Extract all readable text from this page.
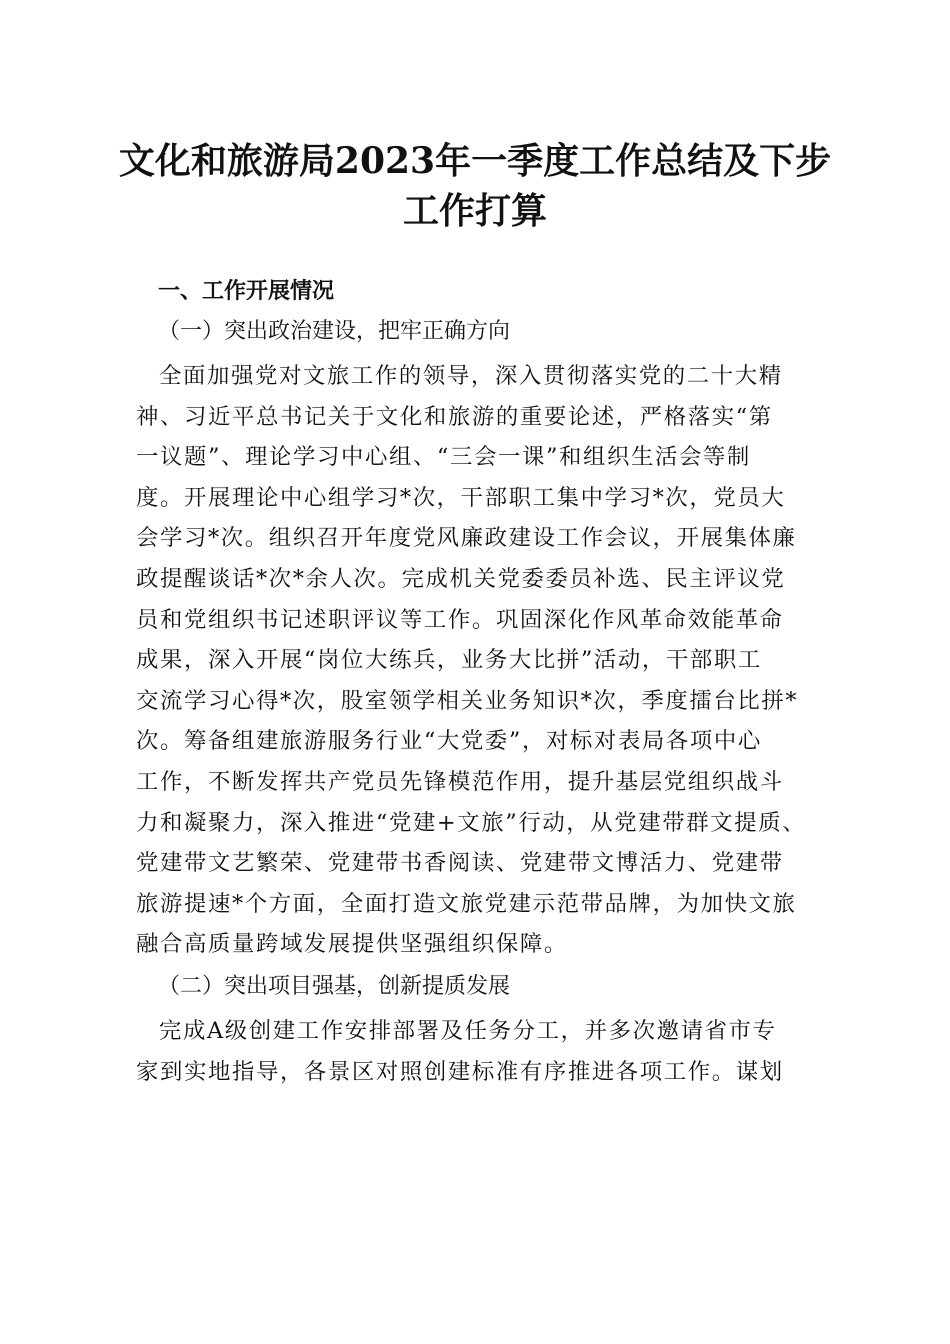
文化和旅游局2023年一季度工作总结及下步
工作打算
一、工作开展情况
（一）突出政治建设，把牢正确方向

全面加强党对文旅工作的领导，深入贯彻落实党的二十大精
神、习近平总书记关于文化和旅游的重要论述，严格落实“第
一议题”、理论学习中心组、“三会一课”和组织生活会等制
度。开展理论中心组学习*次，干部职工集中学习*次，党员大
会学习*次。组织召开年度党风廉政建设工作会议，开展集体廉
政提醒谈话*次*余人次。完成机关党委委员补选、民主评议党
员和党组织书记述职评议等工作。巩固深化作风革命效能革命
成果，深入开展“岗位大练兵，业务大比拼”活动，干部职工
交流学习心得*次，股室领学相关业务知识*次，季度擂台比拼*
次。筹备组建旅游服务行业“大党委”，对标对表局各项中心
工作，不断发挥共产党员先锋模范作用，提升基层党组织战斗
力和凝聚力，深入推进“党建+文旅”行动，从党建带群文提质、
党建带文艺繁荣、党建带书香阅读、党建带文博活力、党建带
旅游提速*个方面，全面打造文旅党建示范带品牌，为加快文旅
融合高质量跨域发展提供坚强组织保障。

（二）突出项目强基，创新提质发展

完成A级创建工作安排部署及任务分工，并多次邀请省市专
家到实地指导，各景区对照创建标准有序推进各项工作。谋划
